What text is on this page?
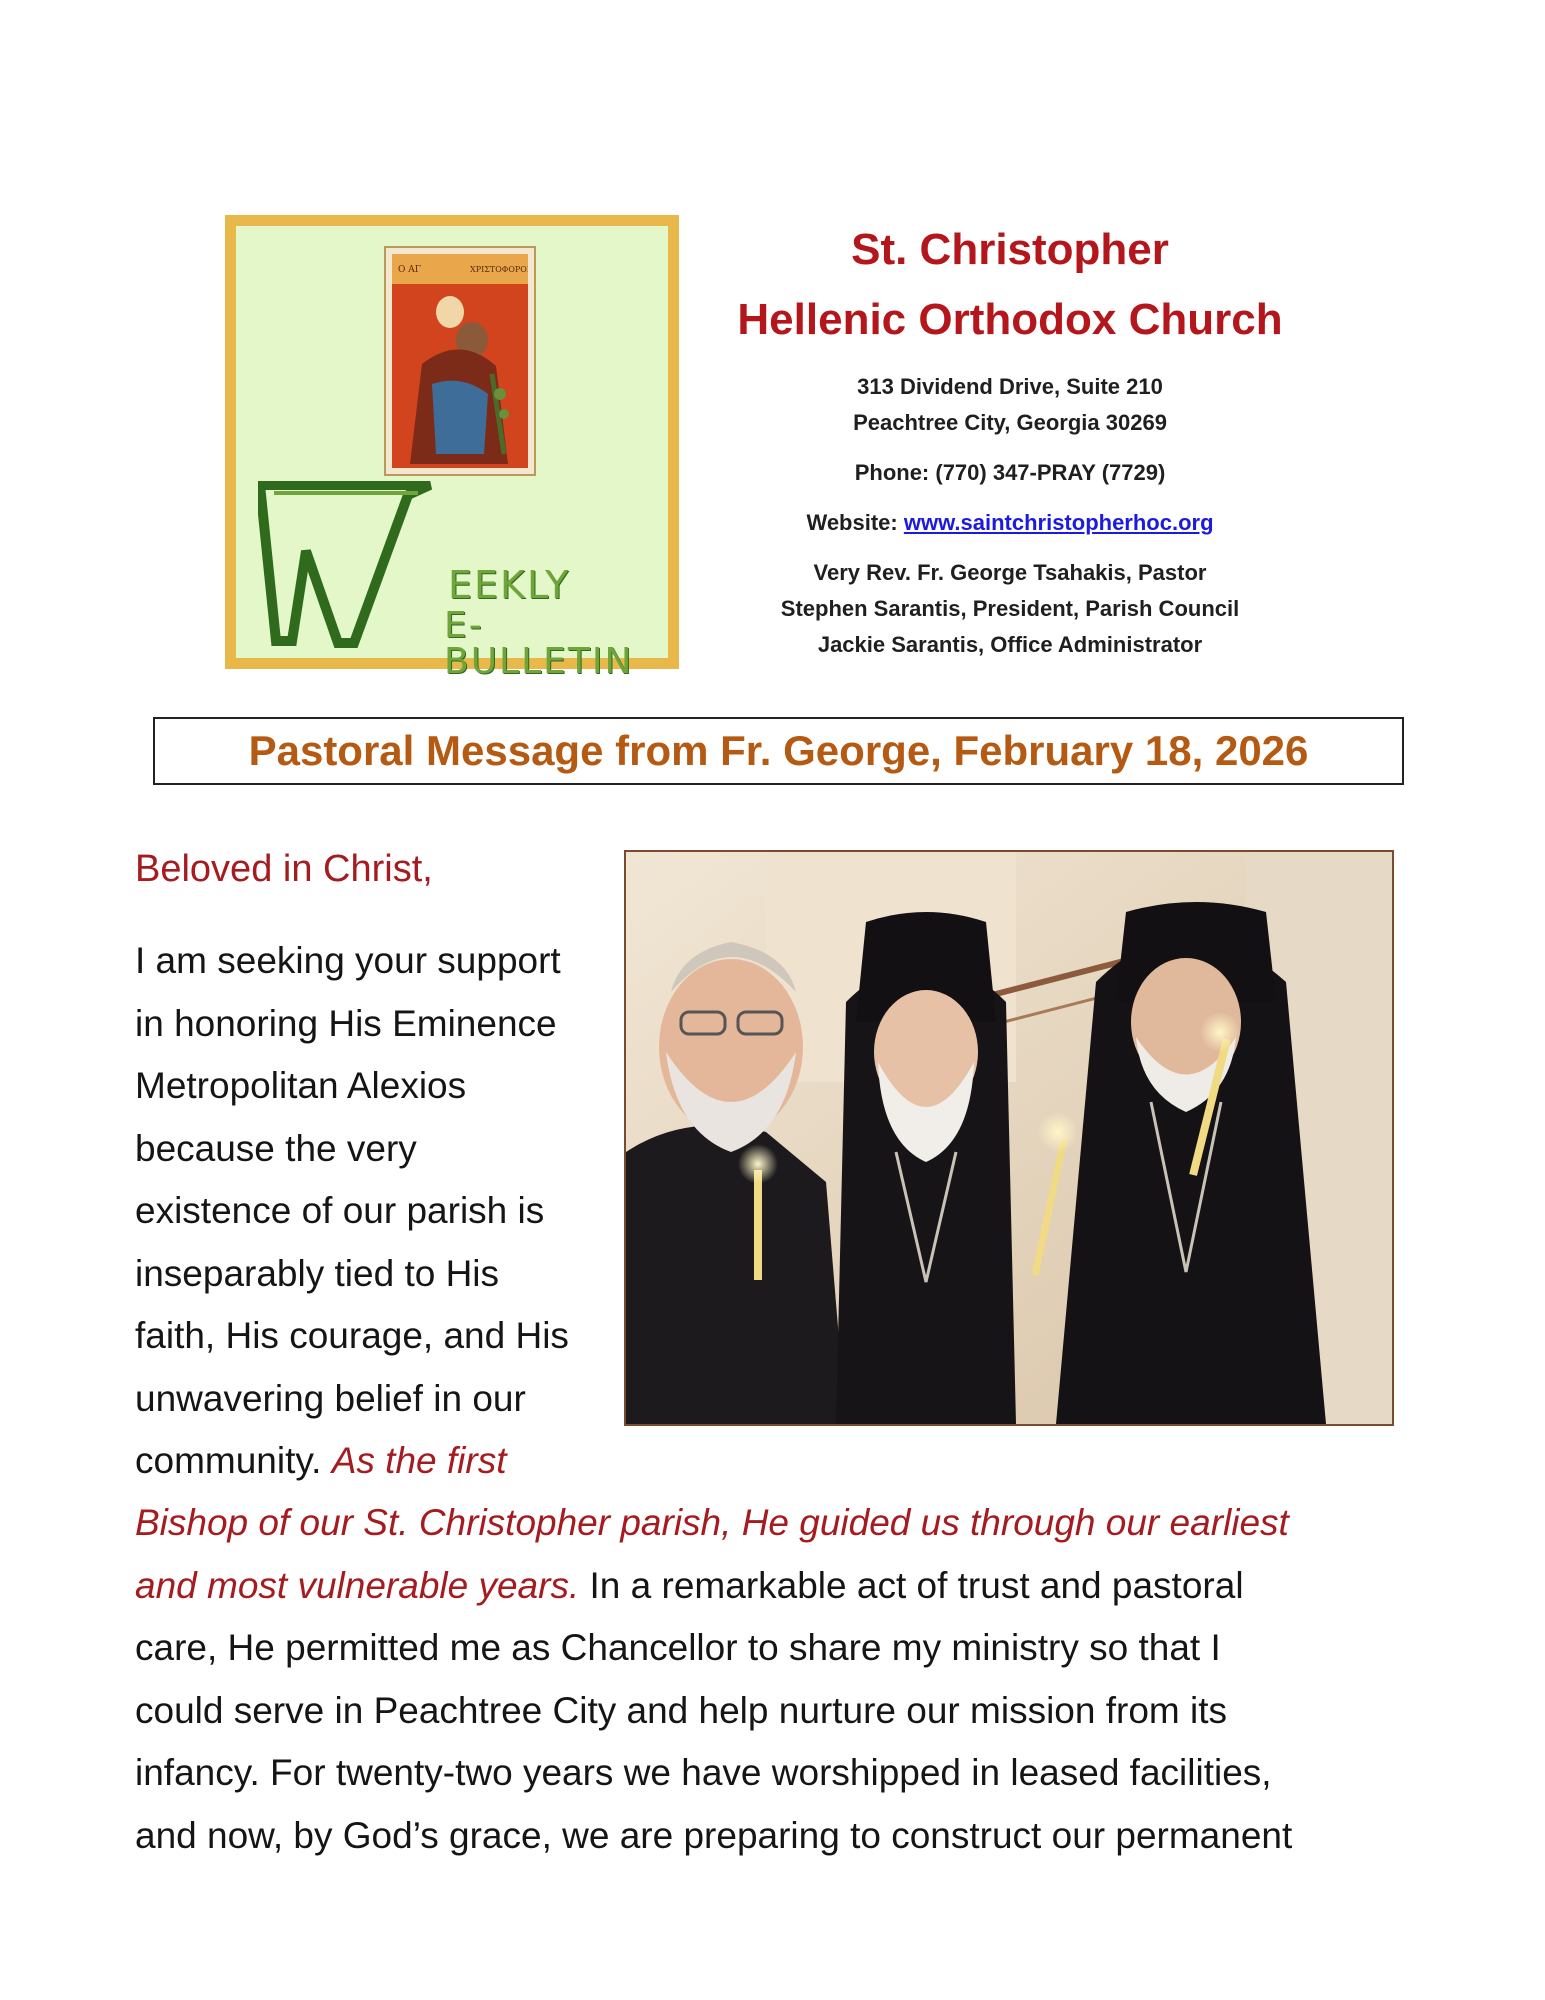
Ο ΑΓ	ΧΡΙΣΤΟΦΟΡΟΣ
EEKLY
E-BULLETIN
St. Christopher
Hellenic Orthodox Church
313 Dividend Drive, Suite 210
Peachtree City, Georgia 30269
Phone: (770) 347-PRAY (7729)
Website: www.saintchristopherhoc.org
Very Rev. Fr. George Tsahakis, Pastor
Stephen Sarantis, President, Parish Council
Jackie Sarantis, Office Administrator
Pastoral Message from Fr. George, February 18, 2026
Beloved in Christ,
I am seeking your support
in honoring His Eminence
Metropolitan Alexios
because the very
existence of our parish is
inseparably tied to His
faith, His courage, and His
unwavering belief in our
community. As the first
Bishop of our St. Christopher parish, He guided us through our earliest
and most vulnerable years. In a remarkable act of trust and pastoral
care, He permitted me as Chancellor to share my ministry so that I
could serve in Peachtree City and help nurture our mission from its
infancy. For twenty-two years we have worshipped in leased facilities,
and now, by God’s grace, we are preparing to construct our permanent
